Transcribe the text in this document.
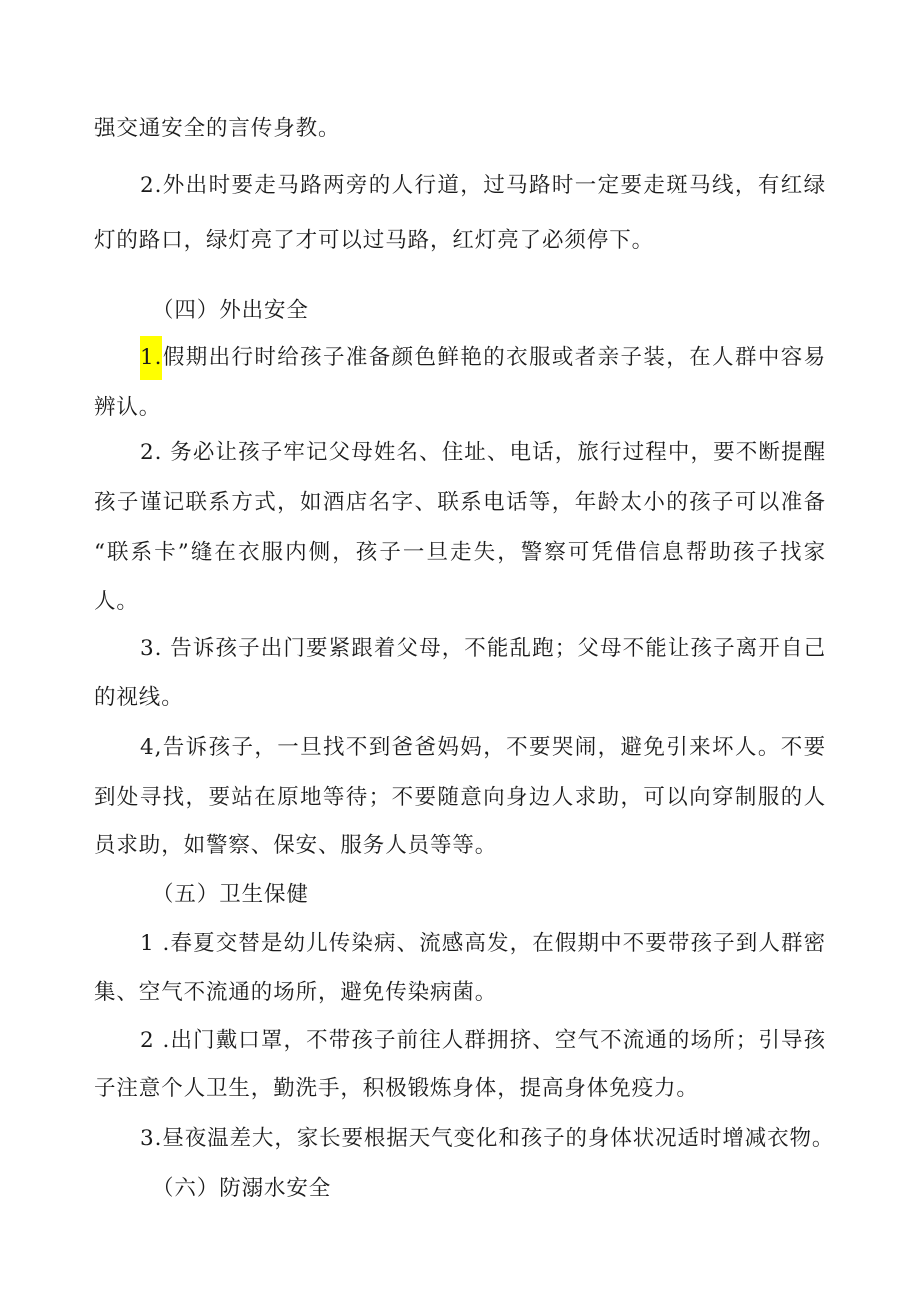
强交通安全的言传身教。
2.外出时要走马路两旁的人行道，过马路时一定要走斑马线，有红绿
灯的路口，绿灯亮了才可以过马路，红灯亮了必须停下。
（四）外出安全
1.假期出行时给孩子准备颜色鲜艳的衣服或者亲子装，在人群中容易
辨认。
2. 务必让孩子牢记父母姓名、住址、电话，旅行过程中，要不断提醒
孩子谨记联系方式，如酒店名字、联系电话等，年龄太小的孩子可以准备
“联系卡”缝在衣服内侧，孩子一旦走失，警察可凭借信息帮助孩子找家
人。
3. 告诉孩子出门要紧跟着父母，不能乱跑；父母不能让孩子离开自己
的视线。
4,告诉孩子，一旦找不到爸爸妈妈，不要哭闹，避免引来坏人。不要
到处寻找，要站在原地等待；不要随意向身边人求助，可以向穿制服的人
员求助，如警察、保安、服务人员等等。
（五）卫生保健
1 .春夏交替是幼儿传染病、流感高发，在假期中不要带孩子到人群密
集、空气不流通的场所，避免传染病菌。
2 .出门戴口罩，不带孩子前往人群拥挤、空气不流通的场所；引导孩
子注意个人卫生，勤洗手，积极锻炼身体，提高身体免疫力。
3.昼夜温差大，家长要根据天气变化和孩子的身体状况适时增减衣物。
（六）防溺水安全
